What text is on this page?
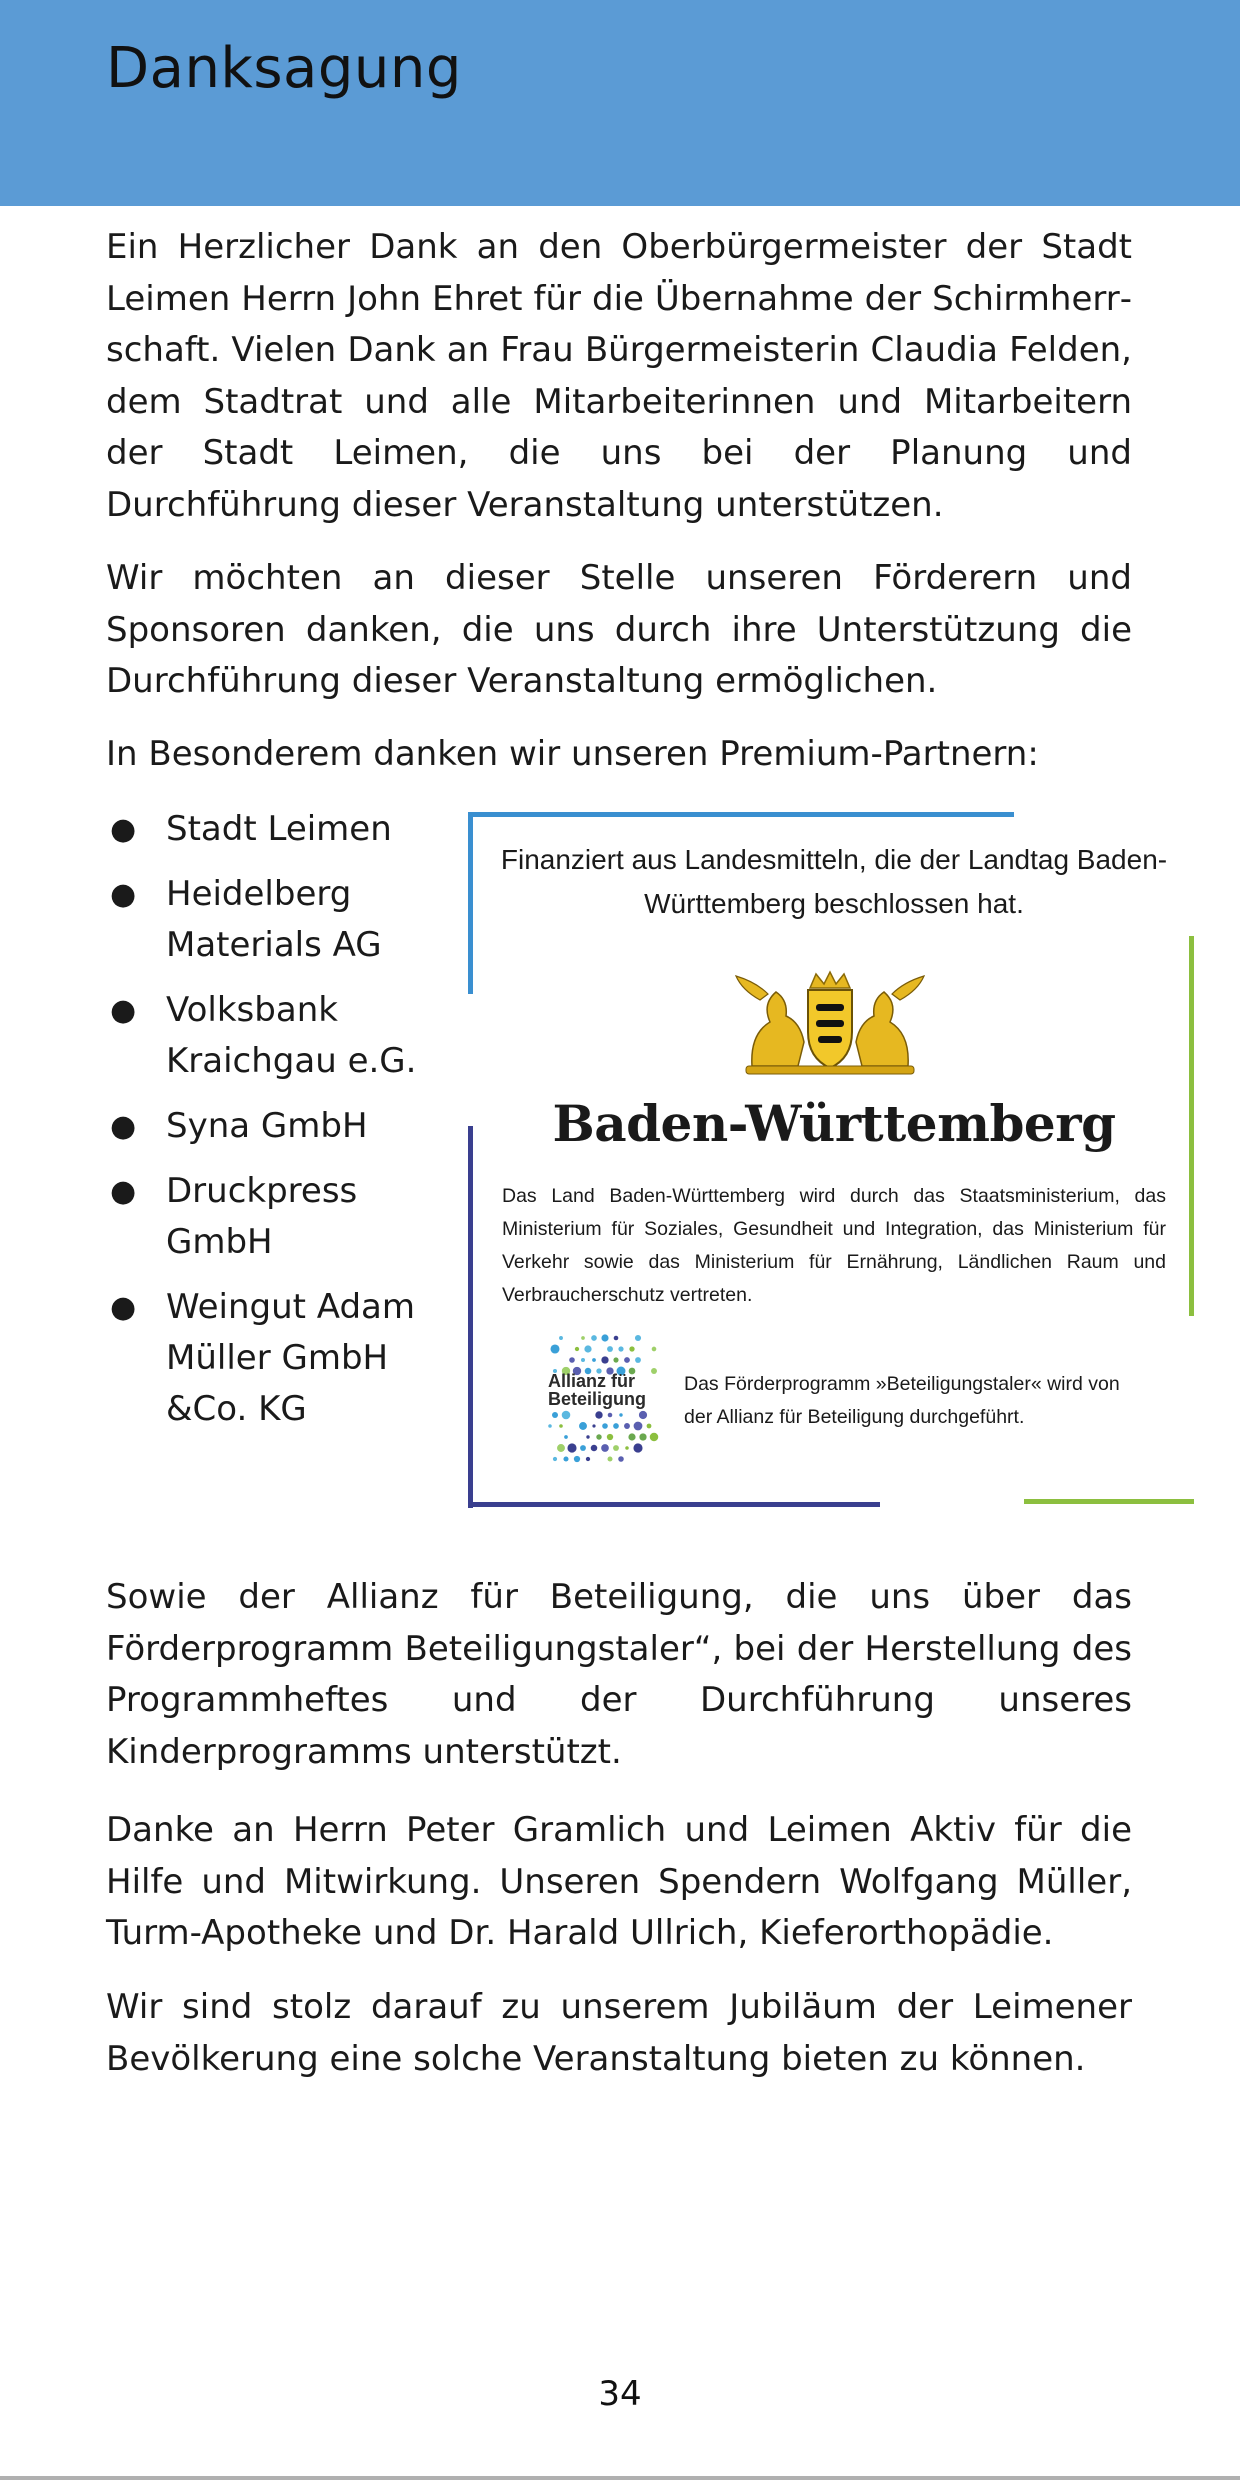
Danksagung

Ein Herzlicher Dank an den Oberbürgermeister der Stadt Leimen Herrn John Ehret für die Übernahme der Schirmherrschaft. Vielen Dank an Frau Bürgermeisterin Claudia Felden, dem Stadtrat und alle Mitarbeiterinnen und Mitarbeitern der Stadt Leimen, die uns bei der Planung und Durchführung dieser Veranstaltung unterstützen.

Wir möchten an dieser Stelle unseren Förderern und Sponsoren danken, die uns durch ihre Unterstützung die Durchführung dieser Veranstaltung ermöglichen.

In Besonderem danken wir unseren Premium-Partnern:

● Stadt Leimen
● Heidelberg Materials AG
● Volksbank Kraichgau e.G.
● Syna GmbH
● Druckpress GmbH
● Weingut Adam Müller GmbH &Co. KG
Finanziert aus Landesmitteln, die der Landtag Baden-Württemberg beschlossen hat.
Baden-Württemberg

Das Land Baden-Württemberg wird durch das Staatsministerium, das Ministerium für Soziales, Gesundheit und Integration, das Ministerium für Verkehr sowie das Ministerium für Ernährung, Ländlichen Raum und Verbraucherschutz vertreten.

Allianz für Beteiligung

Das Förderprogramm »Beteiligungstaler« wird von der Allianz für Beteiligung durchgeführt.

Sowie der Allianz für Beteiligung, die uns über das Förderprogramm Beteiligungstaler“, bei der Herstellung des Programmheftes und der Durchführung unseres Kinderprogramms unterstützt.

Danke an Herrn Peter Gramlich und Leimen Aktiv für die Hilfe und Mitwirkung. Unseren Spendern Wolfgang Müller, Turm-Apotheke und Dr. Harald Ullrich, Kieferorthopädie.

Wir sind stolz darauf zu unserem Jubiläum der Leimener Bevölkerung eine solche Veranstaltung bieten zu können.

34
